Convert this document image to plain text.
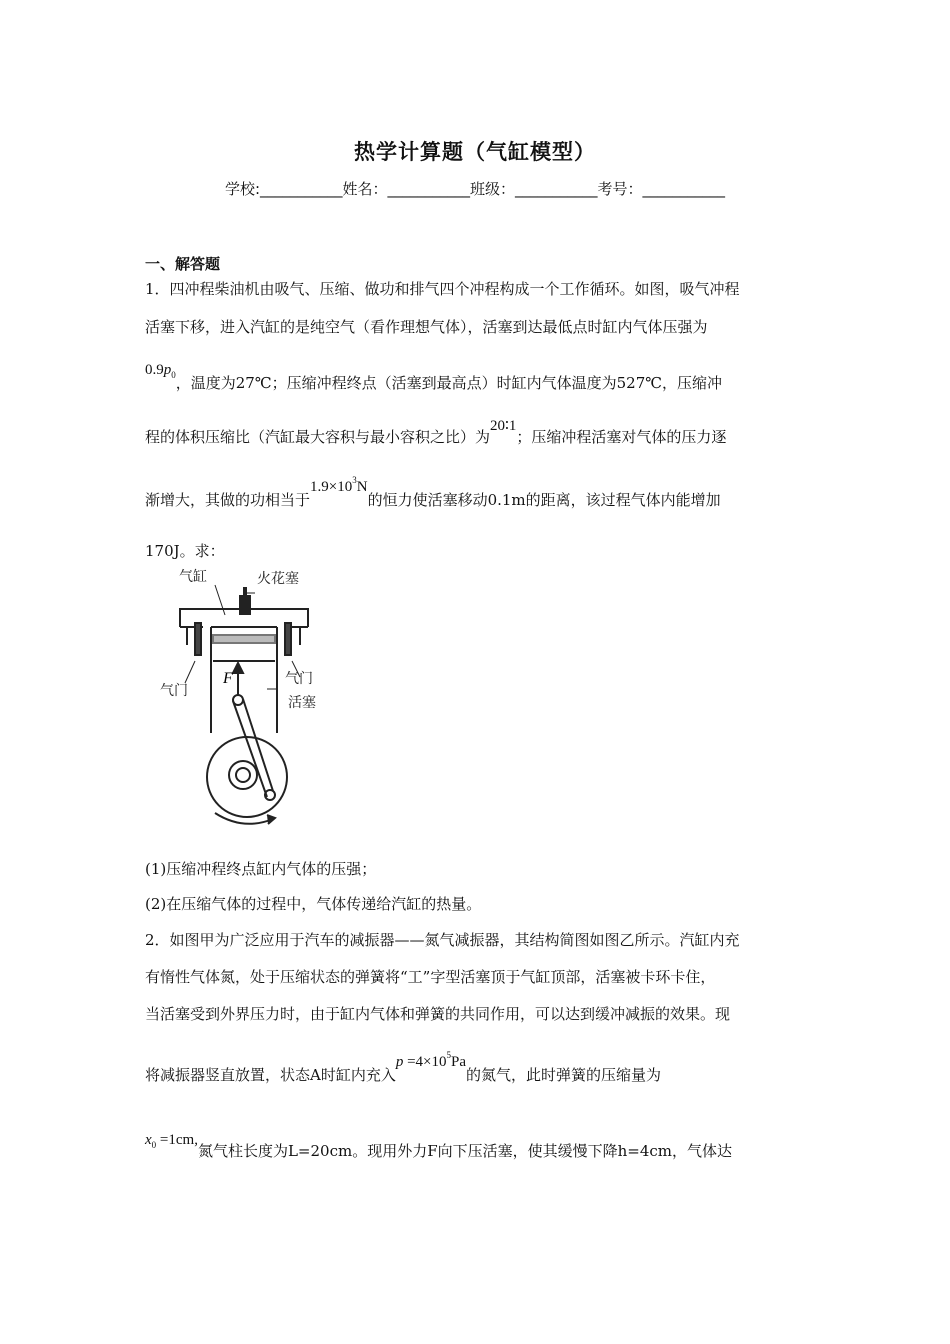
热学计算题（气缸模型）
学校:___________姓名：___________班级：___________考号：___________
一、解答题
1．四冲程柴油机由吸气、压缩、做功和排气四个冲程构成一个工作循环。如图，吸气冲程
活塞下移，进入汽缸的是纯空气（看作理想气体），活塞到达最低点时缸内气体压强为
$0.9p_0$，温度为27℃；压缩冲程终点（活塞到最高点）时缸内气体温度为527℃，压缩冲
程的体积压缩比（汽缸最大容积与最小容积之比）为20∶1；压缩冲程活塞对气体的压力逐
渐增大，其做的功相当于$1.9\times 10^3N$的恒力使活塞移动0.1m的距离，该过程气体内能增加
170J。求：
气缸	火花塞
气门
气门
活塞
F
(1)压缩冲程终点缸内气体的压强；
(2)在压缩气体的过程中，气体传递给汽缸的热量。
2．如图甲为广泛应用于汽车的减振器——氮气减振器，其结构简图如图乙所示。汽缸内充
有惰性气体氮，处于压缩状态的弹簧将“工”字型活塞顶于气缸顶部，活塞被卡环卡住，
当活塞受到外界压力时，由于缸内气体和弹簧的共同作用，可以达到缓冲减振的效果。现
将减振器竖直放置，状态A时缸内充入$p =4\times 10^5Pa$的氮气，此时弹簧的压缩量为
$x_0 =1cm$,氮气柱长度为L=20cm。现用外力F向下压活塞，使其缓慢下降h=4cm，气体达
